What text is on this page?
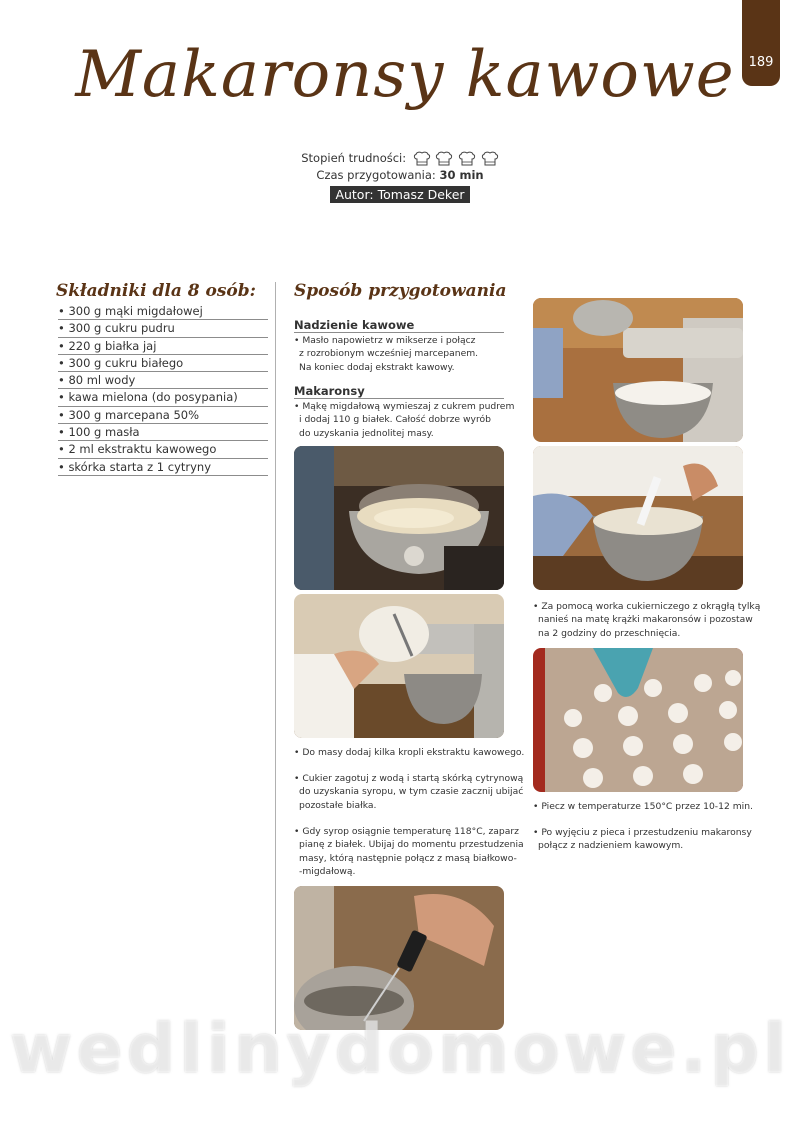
189
Makaronsy kawowe
Stopień trudności:
Czas przygotowania: 30 min
Autor: Tomasz Deker
Składniki dla 8 osób:
• 300 g mąki migdałowej
• 300 g cukru pudru
• 220 g białka jaj
• 300 g cukru białego
• 80 ml wody
• kawa mielona (do posypania)
• 300 g marcepana 50%
• 100 g masła
• 2 ml ekstraktu kawowego
• skórka starta z 1 cytryny
Sposób przygotowania
Nadzienie kawowe
• Masło napowietrz w mikserze i połącz
z rozrobionym wcześniej marcepanem.
Na koniec dodaj ekstrakt kawowy.
Makaronsy
• Mąkę migdałową wymieszaj z cukrem pudrem
i dodaj 110 g białek. Całość dobrze wyrób
do uzyskania jednolitej masy.
• Do masy dodaj kilka kropli ekstraktu kawowego.
• Cukier zagotuj z wodą i startą skórką cytrynową
do uzyskania syropu, w tym czasie zacznij ubijać
pozostałe białka.
• Gdy syrop osiągnie temperaturę 118°C, zaparz
pianę z białek. Ubijaj do momentu przestudzenia
masy, którą następnie połącz z masą białkowo-
-migdałową.
• Za pomocą worka cukierniczego z okrągłą tylką
nanieś na matę krążki makaronsów i pozostaw
na 2 godziny do przeschnięcia.
• Piecz w temperaturze 150°C przez 10-12 min.
• Po wyjęciu z pieca i przestudzeniu makaronsy
połącz z nadzieniem kawowym.
wedlinydomowe.pl
